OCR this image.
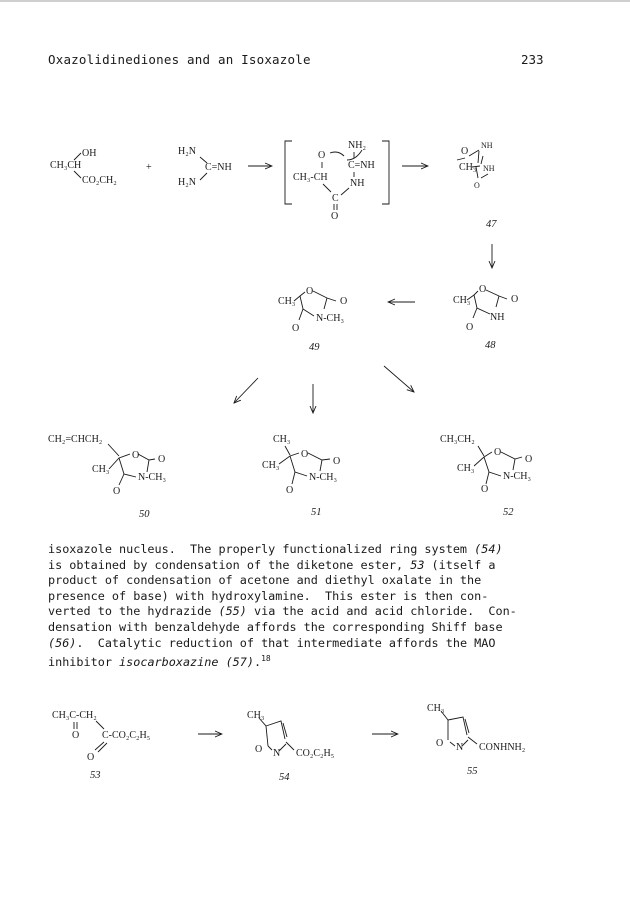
Oxazolidinediones and an Isoxazole	233
OH
CH₃CH
CO₂CH₂
+
H₂N
C=NH
H₂N
NH₂
O
C=NH
CH₃-CH
NH
C
O
NH
O
CH₃ NH
O
47
CH₃
O
O
N-CH₃
O
49
CH₃
O
O
NH
O
48
CH₂=CHCH₂
CH₃
O O
N-CH₃
O
50
CH₃
CH₃
O
O
N-CH₃
O
51
CH₃CH₂
CH₃
O
O
N-CH₃
O
52
CH₃C-CH₂
O C-CO₂C₂H₅
O
53
CH₃
O N CO₂C₂H₅
54
CH₃
O N CONHNH₂
55
isoxazole nucleus.  The properly functionalized ring system (54)
is obtained by condensation of the diketone ester, 53 (itself a
product of condensation of acetone and diethyl oxalate in the
presence of base) with hydroxylamine.  This ester is then con-
verted to the hydrazide (55) via the acid and acid chloride.  Con-
densation with benzaldehyde affords the corresponding Shiff base
(56).  Catalytic reduction of that intermediate affords the MAO
inhibitor isocarboxazine (57).$^{18}$
